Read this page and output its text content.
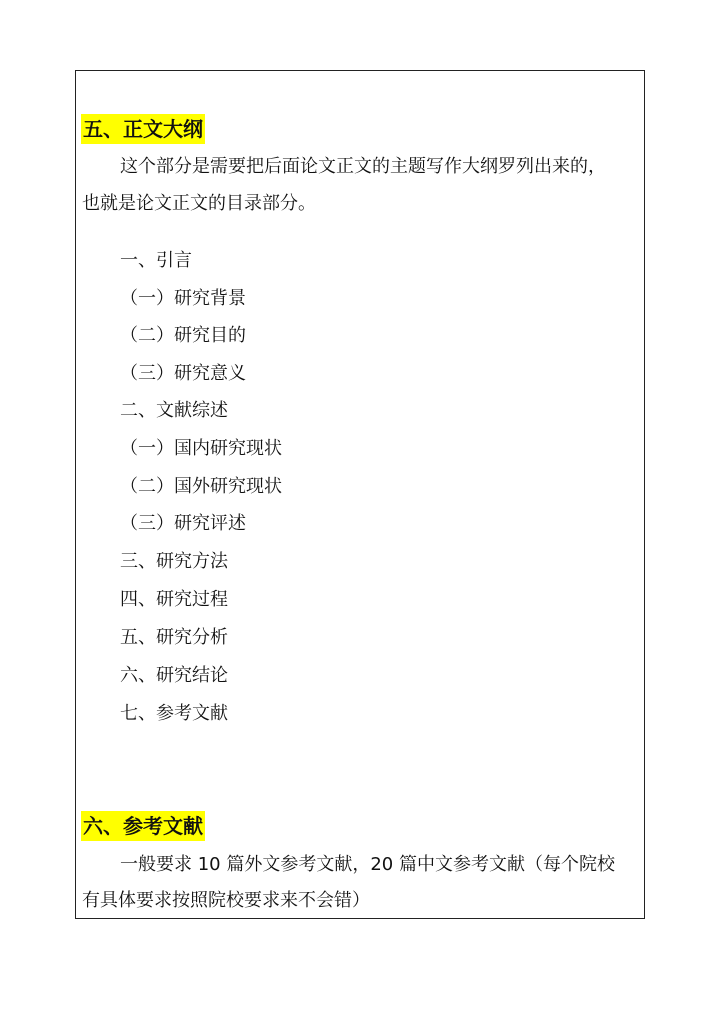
五、正文大纲
这个部分是需要把后面论文正文的主题写作大纲罗列出来的，
也就是论文正文的目录部分。
一、引言
（一）研究背景
（二）研究目的
（三）研究意义
二、文献综述
（一）国内研究现状
（二）国外研究现状
（三）研究评述
三、研究方法
四、研究过程
五、研究分析
六、研究结论
七、参考文献
六、参考文献
一般要求 10 篇外文参考文献，20 篇中文参考文献（每个院校
有具体要求按照院校要求来不会错）
